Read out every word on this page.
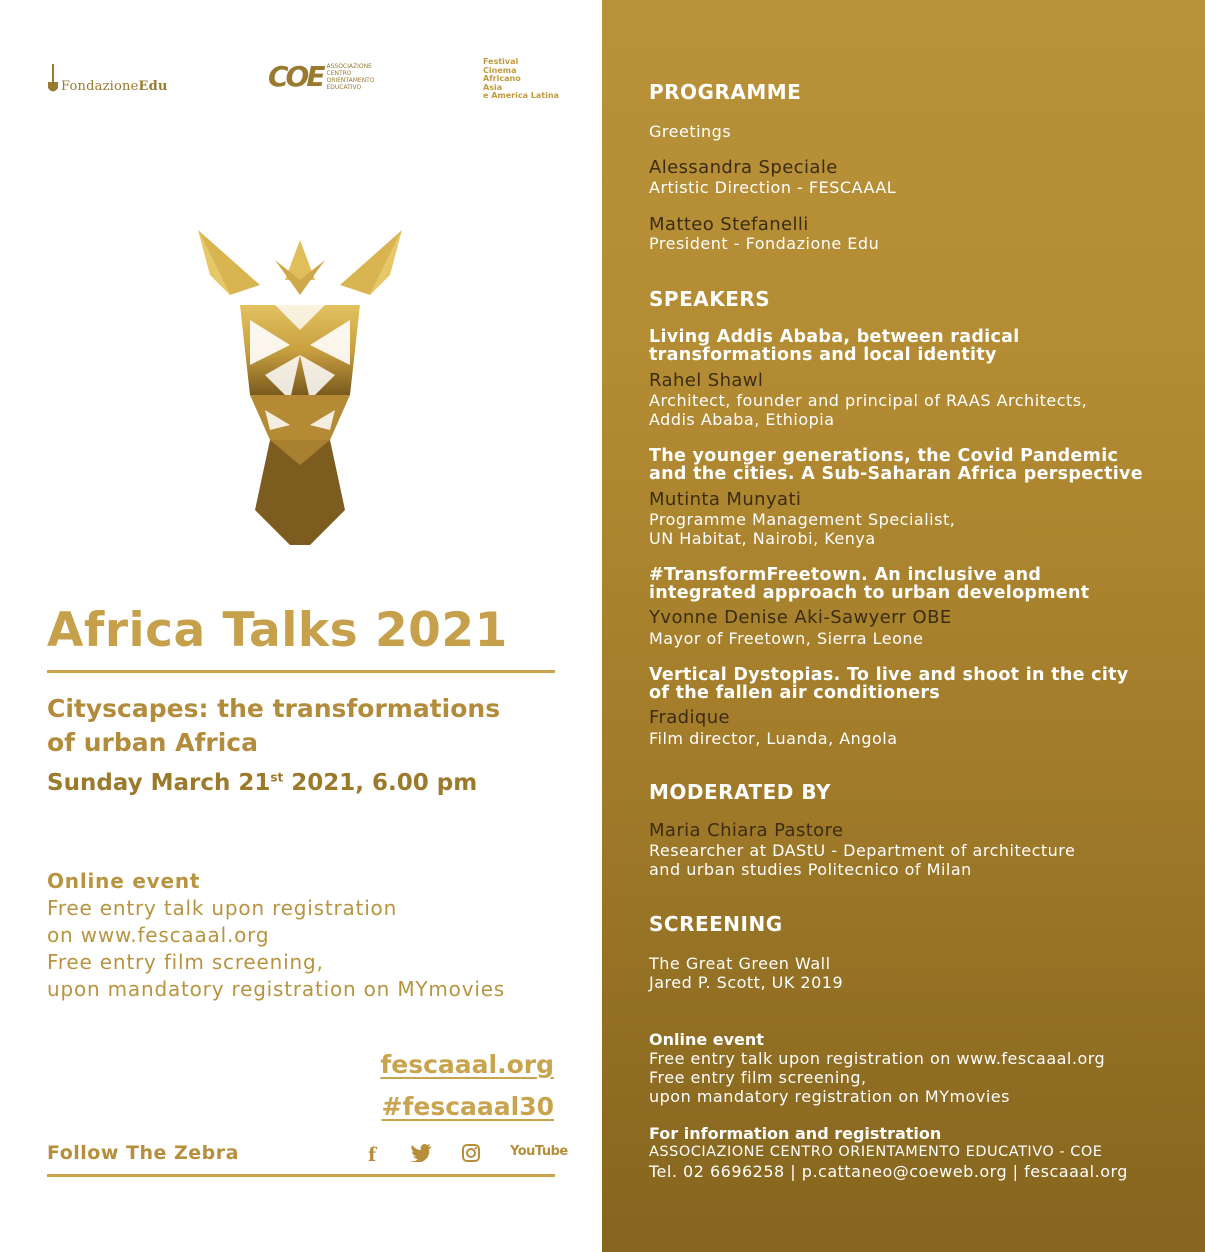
FondazioneEdu	COE ASSOCIAZIONE CENTRO ORIENTAMENTO EDUCATIVO
Festival
Cinema
Africano
Asia
e America Latina
Africa Talks 2021
Cityscapes: the transformations
of urban Africa
Sunday March 21st 2021, 6.00 pm
Online event
Free entry talk upon registration
on www.fescaaal.org
Free entry film screening,
upon mandatory registration on MYmovies
fescaaal.org
#fescaaal30
Follow The Zebra	f	YouTube
PROGRAMME
Greetings
Alessandra Speciale
Artistic Direction - FESCAAAL
Matteo Stefanelli
President - Fondazione Edu
SPEAKERS
Living Addis Ababa, between radical
transformations and local identity
Rahel Shawl
Architect, founder and principal of RAAS Architects,
Addis Ababa, Ethiopia
The younger generations, the Covid Pandemic
and the cities. A Sub-Saharan Africa perspective
Mutinta Munyati
Programme Management Specialist,
UN Habitat, Nairobi, Kenya
#TransformFreetown. An inclusive and
integrated approach to urban development
Yvonne Denise Aki-Sawyerr OBE
Mayor of Freetown, Sierra Leone
Vertical Dystopias. To live and shoot in the city
of the fallen air conditioners
Fradique
Film director, Luanda, Angola
MODERATED BY
Maria Chiara Pastore
Researcher at DAStU - Department of architecture
and urban studies Politecnico of Milan
SCREENING
The Great Green Wall
Jared P. Scott, UK 2019
Online event
Free entry talk upon registration on www.fescaaal.org
Free entry film screening,
upon mandatory registration on MYmovies
For information and registration
ASSOCIAZIONE CENTRO ORIENTAMENTO EDUCATIVO - COE
Tel. 02 6696258 | p.cattaneo@coeweb.org | fescaaal.org
